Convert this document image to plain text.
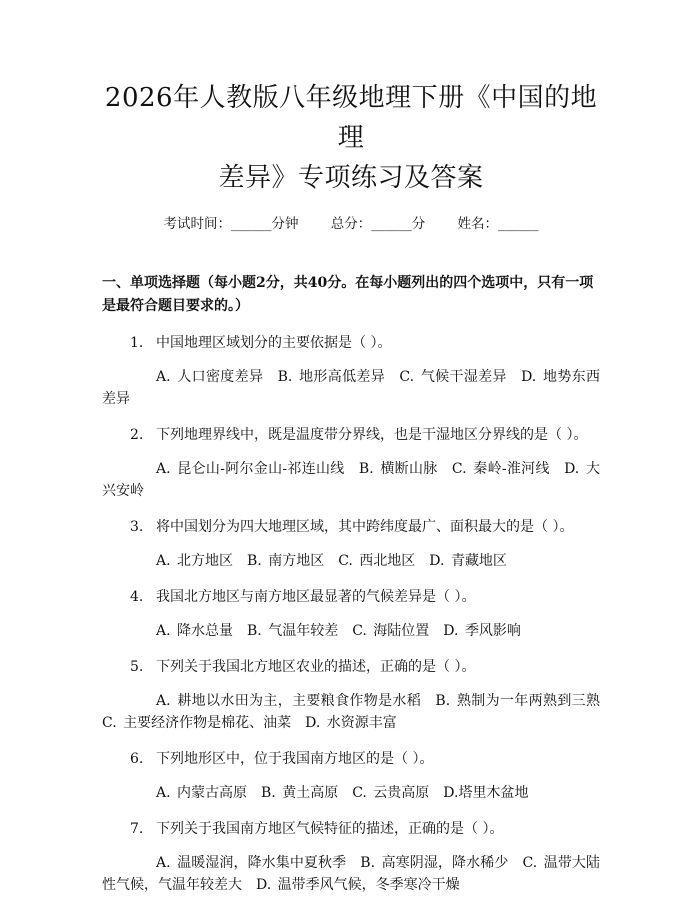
2026年人教版八年级地理下册《中国的地理
差异》专项练习及答案
考试时间：______分钟 总分：______分 姓名：______
一、单项选择题（每小题2分，共40分。在每小题列出的四个选项中，只有一项是最符合题目要求的。）
1. 中国地理区域划分的主要依据是（ ）。
A. 人口密度差异　B. 地形高低差异　C. 气候干湿差异　D. 地势东西差异
2. 下列地理界线中，既是温度带分界线，也是干湿地区分界线的是（ ）。
A. 昆仑山-阿尔金山-祁连山线　B. 横断山脉　C. 秦岭-淮河线　D. 大兴安岭
3. 将中国划分为四大地理区域，其中跨纬度最广、面积最大的是（ ）。
A. 北方地区　B. 南方地区　C. 西北地区　D. 青藏地区
4. 我国北方地区与南方地区最显著的气候差异是（ ）。
A. 降水总量　B. 气温年较差　C. 海陆位置　D. 季风影响
5. 下列关于我国北方地区农业的描述，正确的是（ ）。
A. 耕地以水田为主，主要粮食作物是水稻　B. 熟制为一年两熟到三熟　C. 主要经济作物是棉花、油菜　D. 水资源丰富
6. 下列地形区中，位于我国南方地区的是（ ）。
A. 内蒙古高原　B. 黄土高原　C. 云贵高原　D.塔里木盆地
7. 下列关于我国南方地区气候特征的描述，正确的是（ ）。
A. 温暖湿润，降水集中夏秋季　B. 高寒阴湿，降水稀少　C. 温带大陆性气候，气温年较差大　D. 温带季风气候，冬季寒冷干燥
